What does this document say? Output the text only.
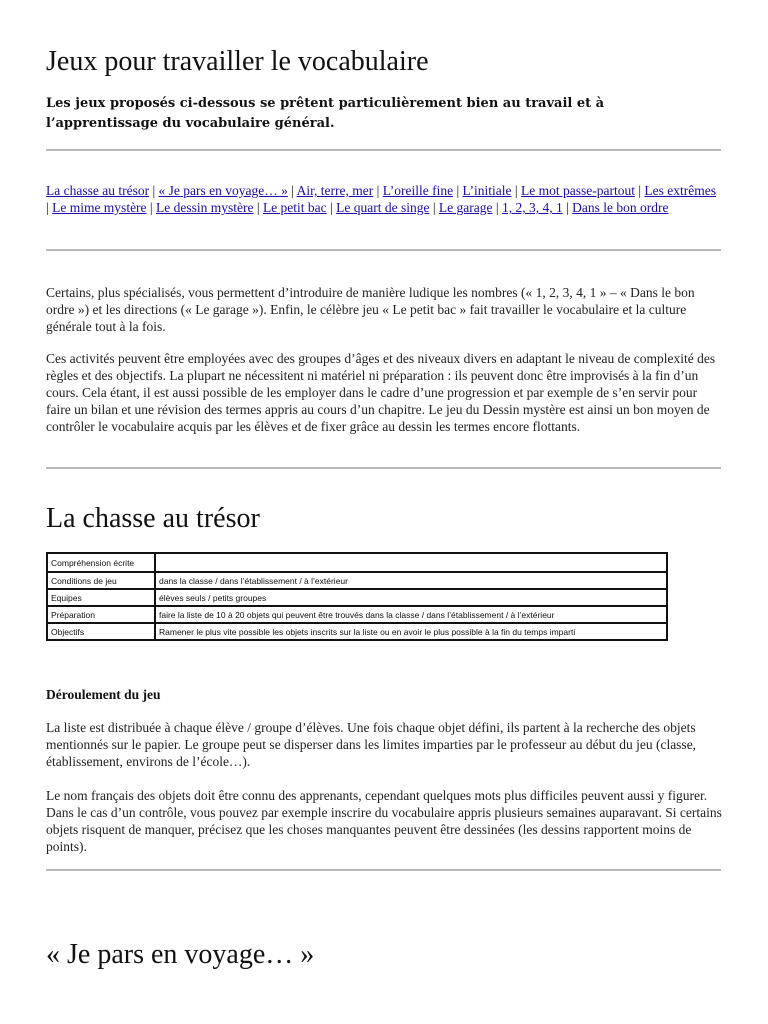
Jeux pour travailler le vocabulaire

Les jeux proposés ci-dessous se prêtent particulièrement bien au travail et à l’apprentissage du vocabulaire général.

La chasse au trésor | « Je pars en voyage… » | Air, terre, mer | L’oreille fine | L’initiale | Le mot passe-partout | Les extrêmes | Le mime mystère | Le dessin mystère | Le petit bac | Le quart de singe | Le garage | 1, 2, 3, 4, 1 | Dans le bon ordre

Certains, plus spécialisés, vous permettent d’introduire de manière ludique les nombres (« 1, 2, 3, 4, 1 » – « Dans le bon ordre ») et les directions (« Le garage »). Enfin, le célèbre jeu « Le petit bac » fait travailler le vocabulaire et la culture générale tout à la fois.

Ces activités peuvent être employées avec des groupes d’âges et des niveaux divers en adaptant le niveau de complexité des règles et des objectifs. La plupart ne nécessitent ni matériel ni préparation : ils peuvent donc être improvisés à la fin d’un cours. Cela étant, il est aussi possible de les employer dans le cadre d’une progression et par exemple de s’en servir pour faire un bilan et une révision des termes appris au cours d’un chapitre. Le jeu du Dessin mystère est ainsi un bon moyen de contrôler le vocabulaire acquis par les élèves et de fixer grâce au dessin les termes encore flottants.

La chasse au trésor
Compréhension écrite	
Conditions de jeu	dans la classe / dans l’établissement / à l’extérieur
Equipes	élèves seuls / petits groupes
Préparation	faire la liste de 10 à 20 objets qui peuvent être trouvés dans la classe / dans l’établissement / à l’extérieur
Objectifs	Ramener le plus vite possible les objets inscrits sur la liste ou en avoir le plus possible à la fin du temps imparti

Déroulement du jeu

La liste est distribuée à chaque élève / groupe d’élèves. Une fois chaque objet défini, ils partent à la recherche des objets mentionnés sur le papier. Le groupe peut se disperser dans les limites imparties par le professeur au début du jeu (classe, établissement, environs de l’école…).

Le nom français des objets doit être connu des apprenants, cependant quelques mots plus difficiles peuvent aussi y figurer. Dans le cas d’un contrôle, vous pouvez par exemple inscrire du vocabulaire appris plusieurs semaines auparavant. Si certains objets risquent de manquer, précisez que les choses manquantes peuvent être dessinées (les dessins rapportent moins de points).

« Je pars en voyage… »
